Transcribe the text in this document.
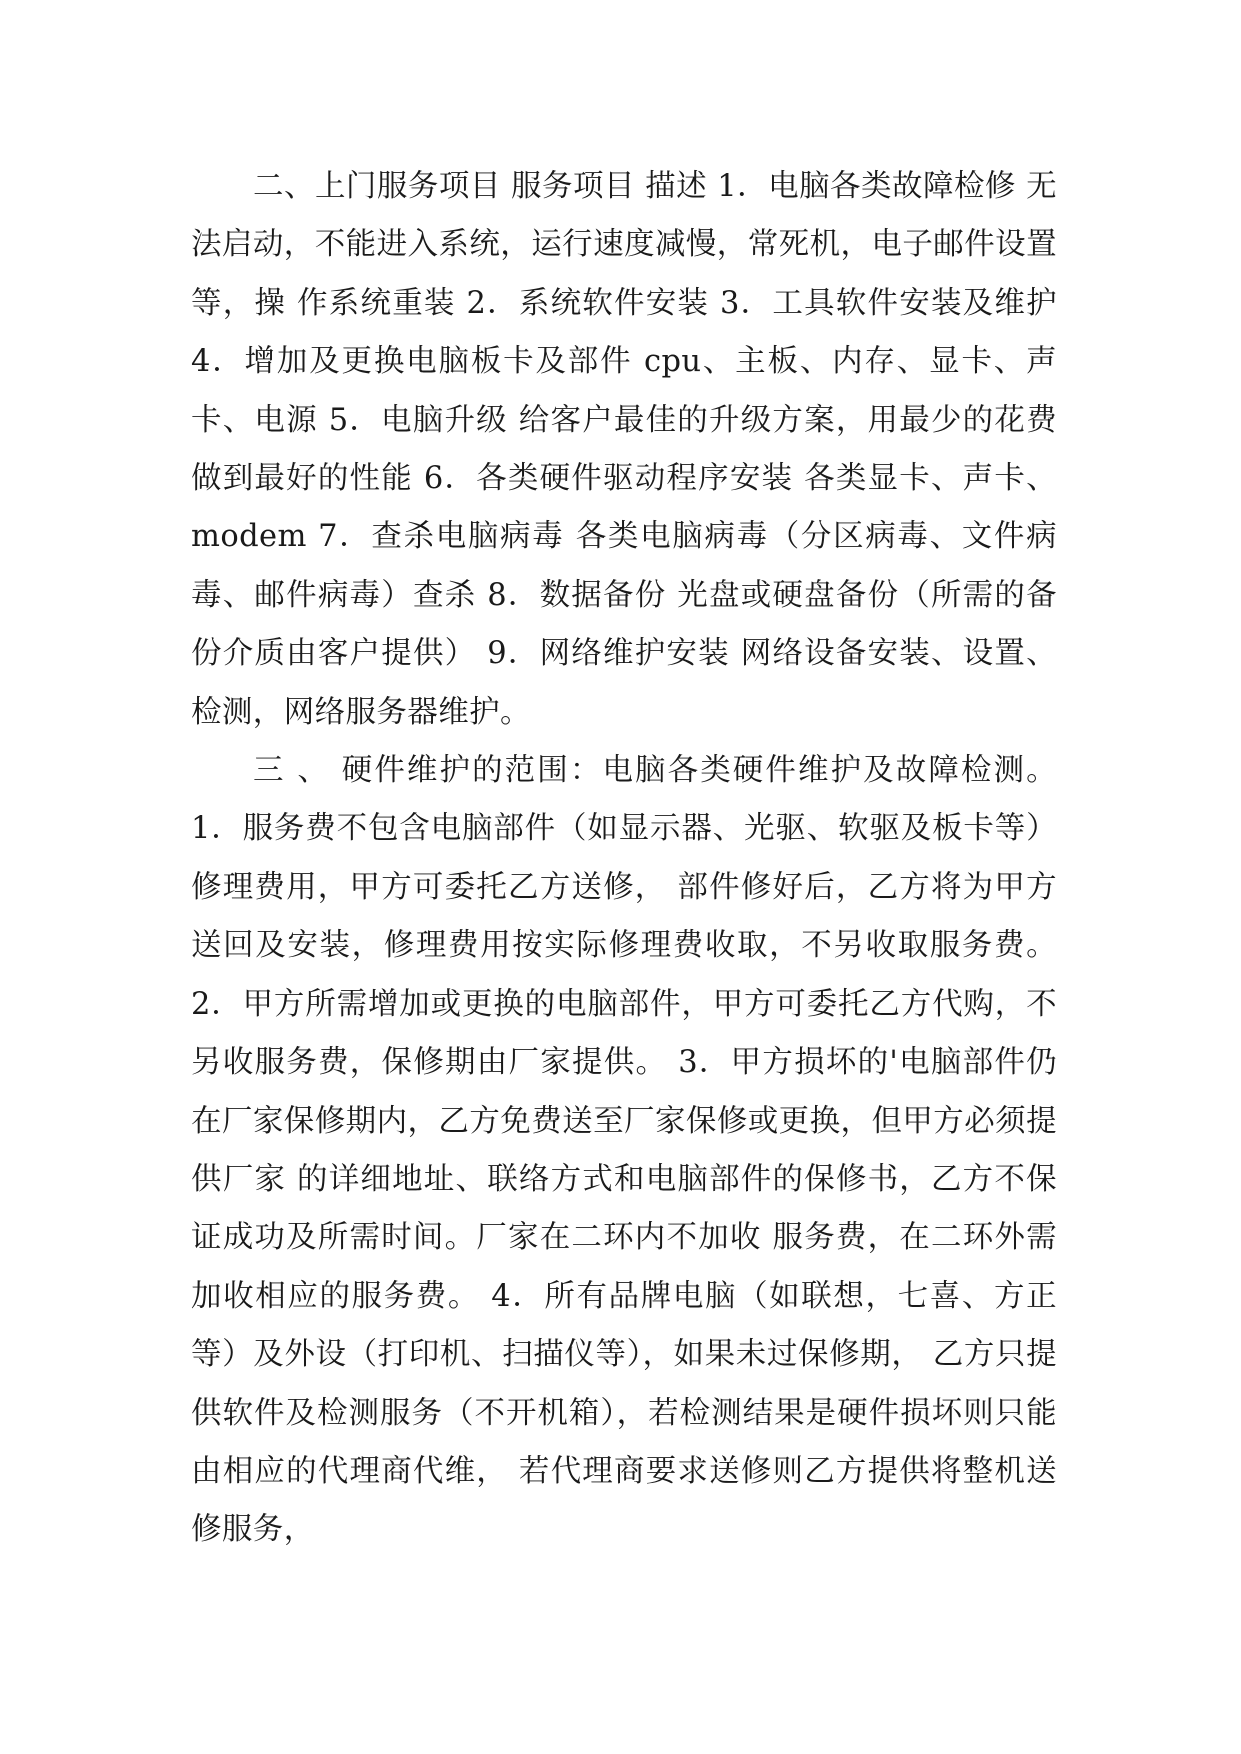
二、上门服务项目 服务项目 描述 1．电脑各类故障检修 无法启动，不能进入系统，运行速度减慢，常死机，电子邮件设置等，操 作系统重装 2．系统软件安装 3．工具软件安装及维护 4．增加及更换电脑板卡及部件 cpu、主板、内存、显卡、声卡、电源 5．电脑升级 给客户最佳的升级方案，用最少的花费做到最好的性能 6．各类硬件驱动程序安装 各类显卡、声卡、modem 7．查杀电脑病毒 各类电脑病毒（分区病毒、文件病毒、邮件病毒）查杀 8．数据备份 光盘或硬盘备份（所需的备份介质由客户提供） 9．网络维护安装 网络设备安装、设置、检测，网络服务器维护。

三 、 硬件维护的范围：电脑各类硬件维护及故障检测。1．服务费不包含电脑部件（如显示器、光驱、软驱及板卡等）修理费用，甲方可委托乙方送修， 部件修好后，乙方将为甲方送回及安装，修理费用按实际修理费收取，不另收取服务费。 2．甲方所需增加或更换的电脑部件，甲方可委托乙方代购，不另收服务费，保修期由厂家提供。 3．甲方损坏的'电脑部件仍在厂家保修期内，乙方免费送至厂家保修或更换，但甲方必须提供厂家 的详细地址、联络方式和电脑部件的保修书，乙方不保证成功及所需时间。厂家在二环内不加收 服务费，在二环外需加收相应的服务费。 4．所有品牌电脑（如联想，七喜、方正等）及外设（打印机、扫描仪等），如果未过保修期， 乙方只提供软件及检测服务（不开机箱），若检测结果是硬件损坏则只能由相应的代理商代维， 若代理商要求送修则乙方提供将整机送修服务，
